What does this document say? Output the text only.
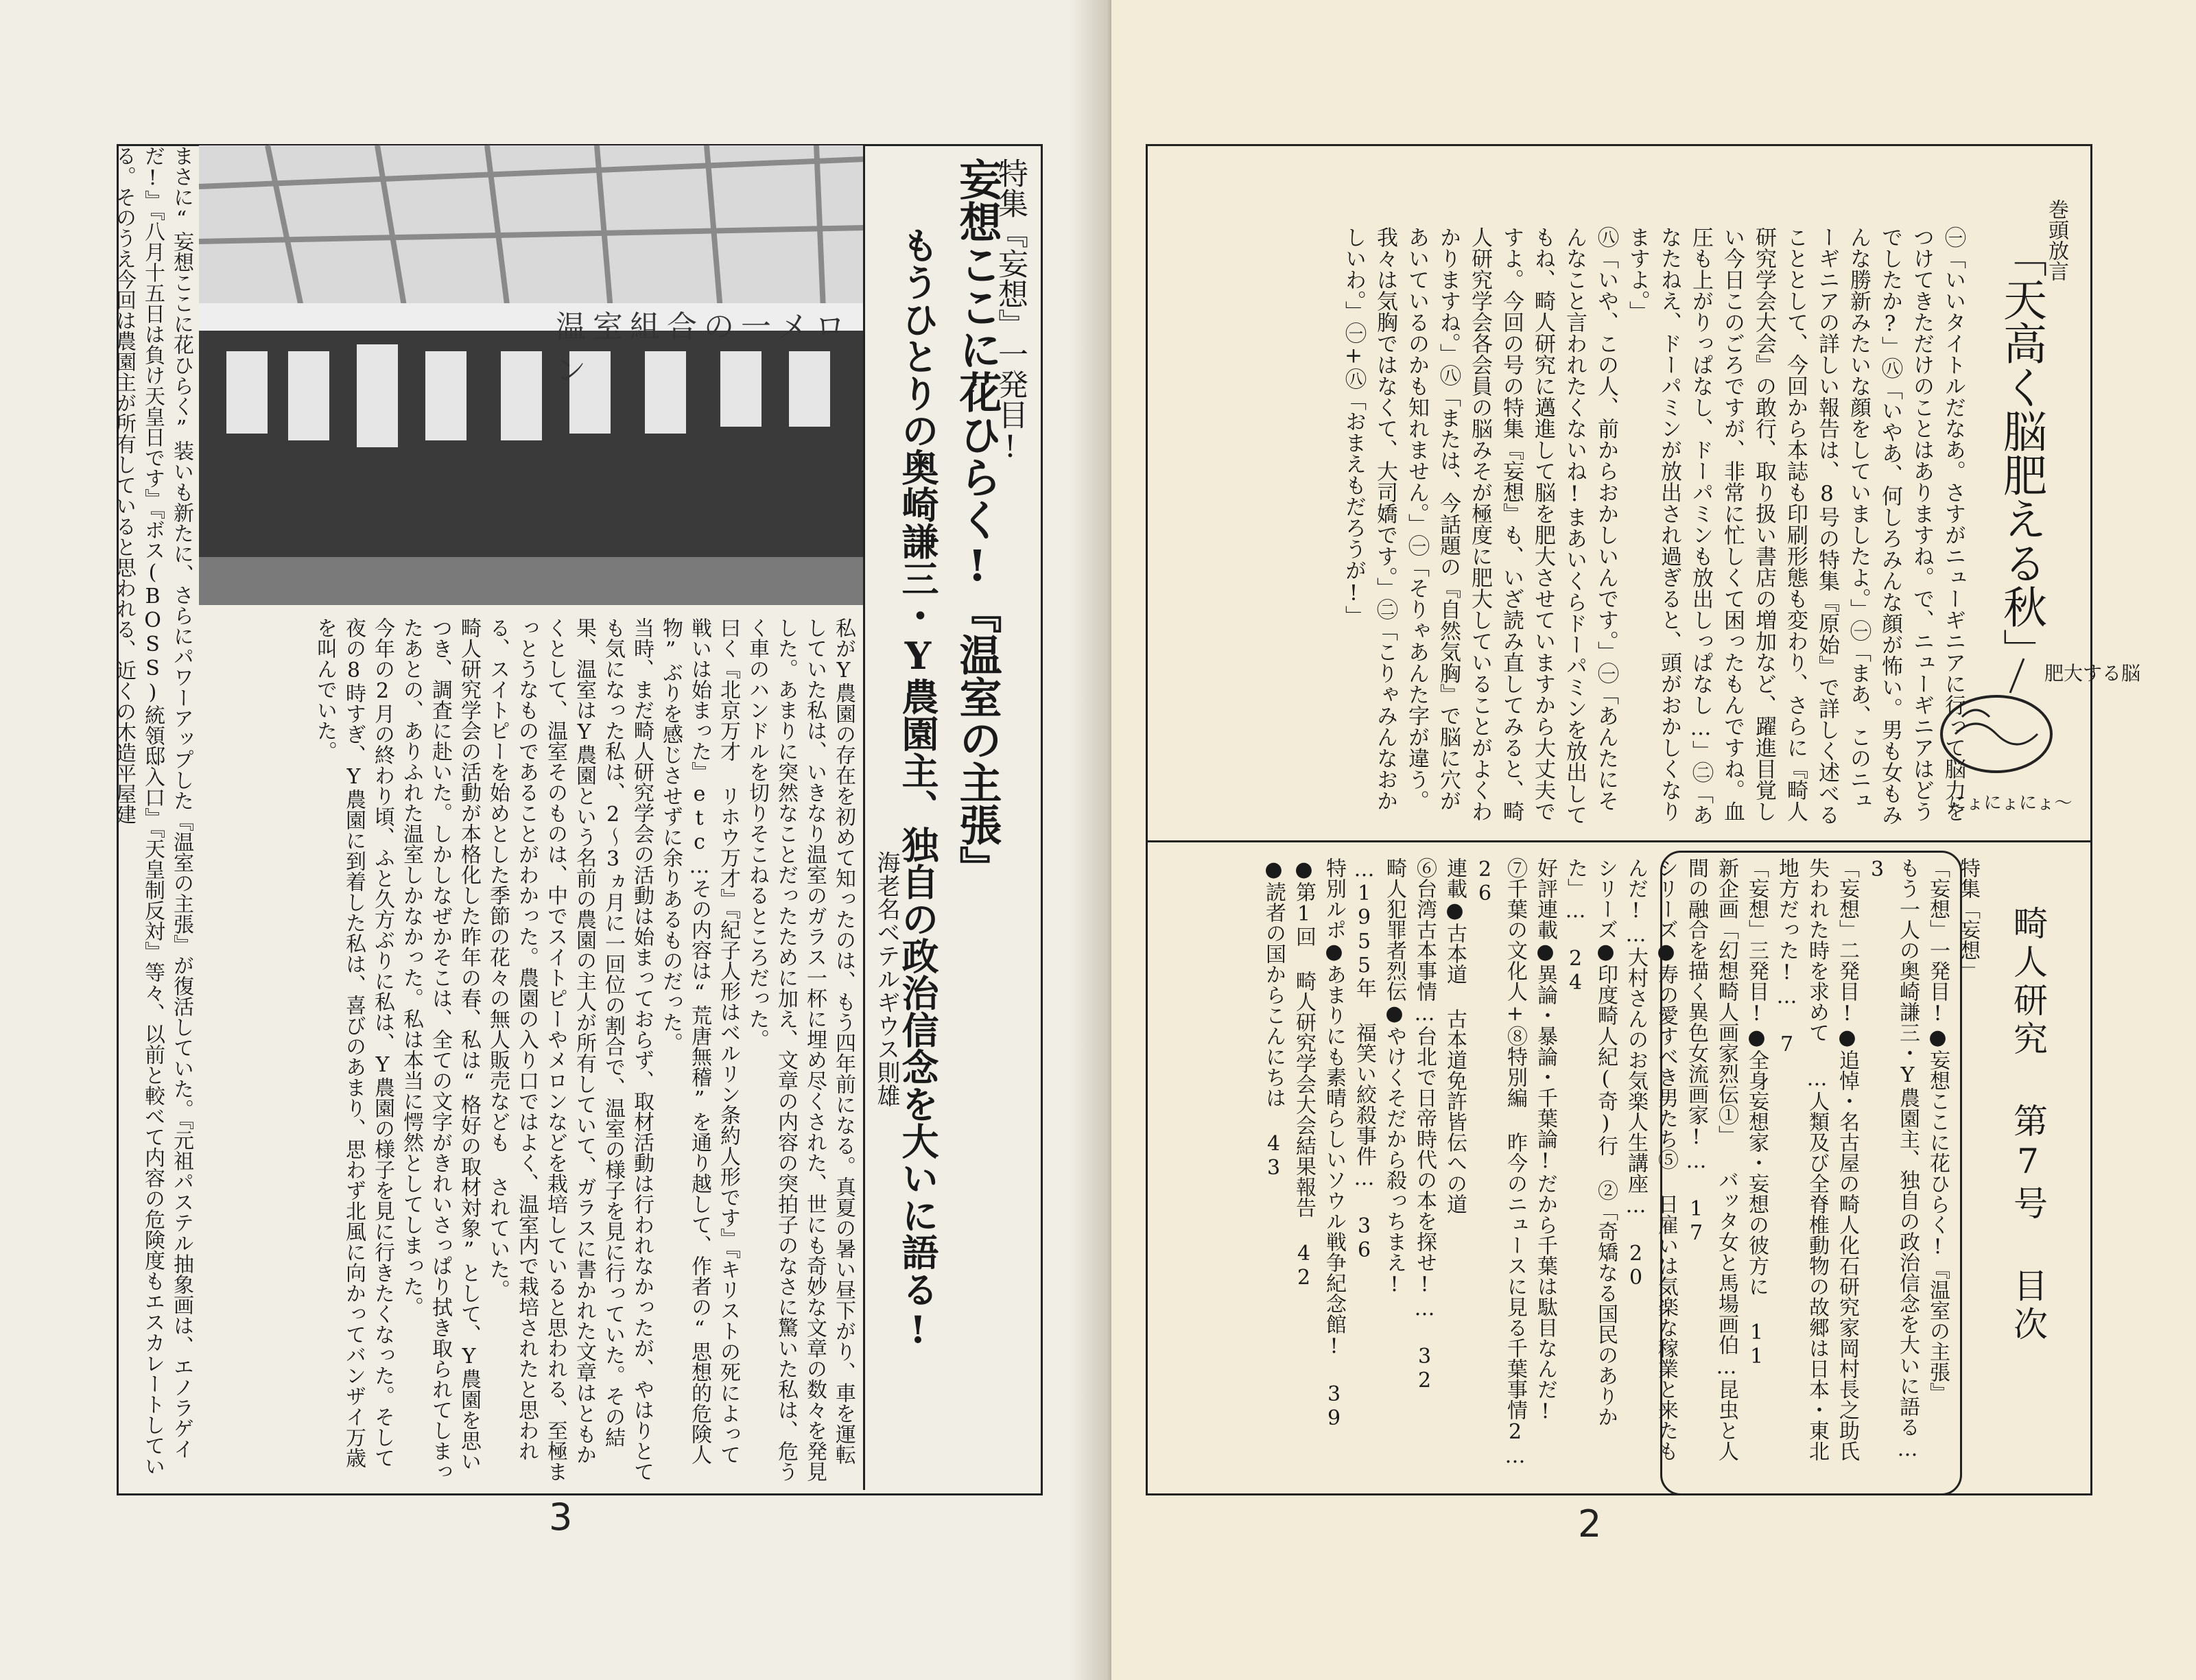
温室組合の一メロン	特集『妄想』一発目!
妄想ここに花ひらく!『温室の主張』
もうひとりの奥崎謙三・Y農園主、独自の政治信念を大いに語る!
海老名ベテルギウス則雄

私がY農園の存在を初めて知ったのは、もう四年前になる。真夏の暑い昼下がり、車を運転していた私は、いきなり温室のガラス一杯に埋め尽くされた、世にも奇妙な文章の数々を発見した。あまりに突然なことだったために加え、文章の内容の突拍子のなさに驚いた私は、危うく車のハンドルを切りそこねるところだった。

曰く『北京万才 リホウ万才』『紀子人形はベルリン条約人形です』『キリストの死によって戦いは始まった』etc…その内容は“荒唐無稽”を通り越して、作者の“思想的危険人物”ぶりを感じさせずに余りあるものだった。

当時、まだ畸人研究学会の活動は始まっておらず、取材活動は行われなかったが、やはりとても気になった私は、2〜3ヵ月に一回位の割合で、温室の様子を見に行っていた。その結果、温室はY農園という名前の農園の主人が所有していて、ガラスに書かれた文章はともかくとして、温室そのものは、中でスイトピーやメロンなどを栽培していると思われる、至極まっとうなものであることがわかった。農園の入り口ではよく、温室内で栽培されたと思われる、スイトピーを始めとした季節の花々の無人販売なども されていた。

畸人研究学会の活動が本格化した昨年の春、私は“格好の取材対象”として、Y農園を思いつき、調査に赴いた。しかしなぜかそこは、全ての文字がきれいさっぱり拭き取られてしまったあとの、ありふれた温室しかなかった。私は本当に愕然としてしまった。

今年の2月の終わり頃、ふと久方ぶりに私は、Y農園の様子を見に行きたくなった。そして夜の8時すぎ、Y農園に到着した私は、喜びのあまり、思わず北風に向かってバンザイ万歳を叫んでいた。

まさに“妄想ここに花ひらく”装いも新たに、さらにパワーアップした『温室の主張』が復活していた。『元祖パステル抽象画は、エノラゲイだ!』『八月十五日は負け天皇日です』『ボス(BOSS)統領邸入口』『天皇制反対』等々、以前と較べて内容の危険度もエスカレートしている。そのうえ今回は農園主が所有していると思われる、近くの木造平屋建
3
巻頭放言
「天高く脳肥える秋」
肥大する脳
にょにょにょ〜

㊀「いいタイトルだなあ。さすがニューギニアに行って脳力をつけてきただけのことはありますね。で、ニューギニアはどうでしたか?」㊇「いやあ、何しろみんな顔が怖い。男も女もみんな勝新みたいな顔をしていましたよ。」㊀「まあ、このニューギニアの詳しい報告は、8号の特集『原始』で詳しく述べることとして、今回から本誌も印刷形態も変わり、さらに『畸人研究学会大会』の敢行、取り扱い書店の増加など、躍進目覚しい今日このごろですが、非常に忙しくて困ったもんですね。血圧も上がりっぱなし、ドーパミンも放出しっぱなし…」㊁「あなたねえ、ドーパミンが放出され過ぎると、頭がおかしくなりますよ。」

㊇「いや、この人、前からおかしいんです。」㊀「あんたにそんなこと言われたくないね!まあいくらドーパミンを放出してもね、畸人研究に邁進して脳を肥大させていますから大丈夫ですよ。今回の号の特集『妄想』も、いざ読み直してみると、畸人研究学会各会員の脳みそが極度に肥大していることがよくわかりますね。」㊇「または、今話題の『自然気胸』で脳に穴があいているのかも知れません。」㊀「そりゃあんた字が違う。我々は気胸ではなくて、大司嬌です。」㊁「こりゃみんなおかしいわ。」㊀+㊇「おまえもだろうが!」

畸人研究 第7号 目次
特集「妄想」
「妄想」一発目!●妄想ここに花ひらく!『温室の主張』
もう一人の奥崎謙三・Y農園主、独自の政治信念を大いに語る… 3
「妄想」二発目!●追悼・名古屋の畸人化石研究家岡村長之助氏
失われた時を求めて …人類及び全脊椎動物の故郷は日本・東北地方だった!… 7
「妄想」三発目!●全身妄想家・妄想の彼方に 11
新企画「幻想畸人画家烈伝①」 バッタ女と馬場画伯…昆虫と人間の融合を描く異色女流画家!… 17
シリーズ●寿の愛すべき男たち⑤ 日雇いは気楽な稼業と来たもんだ!…大村さんのお気楽人生講座… 20
シリーズ●印度畸人紀(奇)行 ②「奇矯なる国民のありかた」… 24
好評連載●異論・暴論・千葉論!だから千葉は駄目なんだ!
⑦千葉の文化人+⑧特別編 昨今のニュースに見る千葉事情2… 26
連載●古本道 古本道免許皆伝への道
⑥台湾古本事情…台北で日帝時代の本を探せ!… 32
畸人犯罪者烈伝●やけくそだから殺っちまえ!
…1955年 福笑い絞殺事件… 36
特別ルポ●あまりにも素晴らしいソウル戦争紀念館! 39
●第1回 畸人研究学会大会結果報告 42
●読者の国からこんにちは 43
2
